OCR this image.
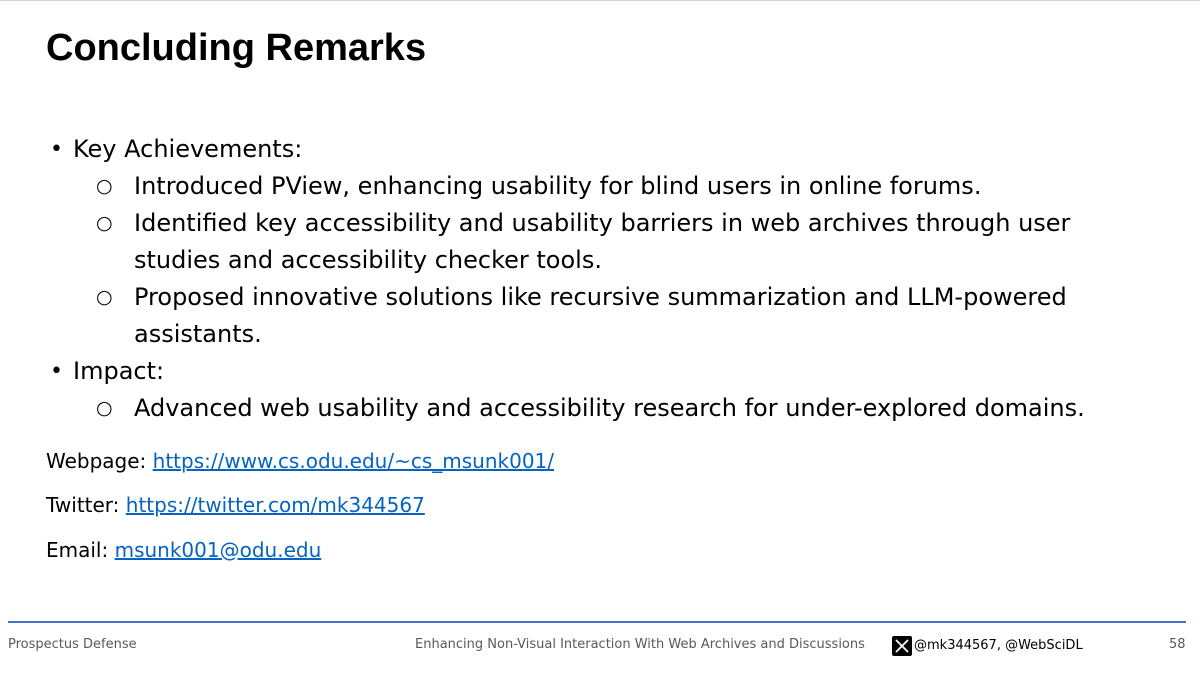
Concluding Remarks
• Key Achievements:
○ Introduced PView, enhancing usability for blind users in online forums.
○ Identified key accessibility and usability barriers in web archives through user studies and accessibility checker tools.
○ Proposed innovative solutions like recursive summarization and LLM-powered assistants.
• Impact:
○ Advanced web usability and accessibility research for under-explored domains.
Webpage: https://www.cs.odu.edu/~cs_msunk001/
Twitter: https://twitter.com/mk344567
Email: msunk001@odu.edu
Prospectus Defense	Enhancing Non-Visual Interaction With Web Archives and Discussions	@mk344567, @WebSciDL	58
